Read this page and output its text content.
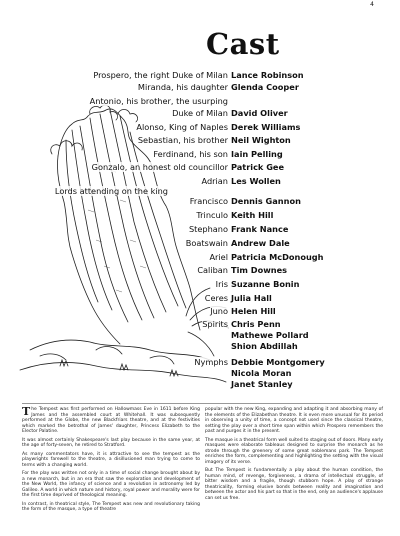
4
Cast
Prospero, the right Duke of Milan Lance Robinson
Miranda, his daughter Glenda Cooper
Antonio, his brother, the usurping
Duke of Milan David Oliver
Alonso, King of Naples Derek Williams
Sebastian, his brother Neil Wighton
Ferdinand, his son Iain Pelling
Gonzalo, an honest old councillor Patrick Gee
Adrian Les Wollen
Lords attending on the king
Francisco Dennis Gannon
Trinculo Keith Hill
Stephano Frank Nance
Boatswain Andrew Dale
Ariel Patricia McDonough
Caliban Tim Downes
Iris Suzanne Bonin
Ceres Julia Hall
Juno Helen Hill
Spirits Chris Penn
Mathewe Pollard
Shion Abdillah
Nymphs Debbie Montgomery
Nicola Moran
Janet Stanley

The Tempest was first performed on Hallowmass Eve in 1611 before King James and the assembled court at Whitehall. It was subsequently performed at the Globe, the new Blackfriars theatre, and at the festivities which marked the betrothal of James' daughter, Princess Elizabeth to the Elector Palatine.

It was almost certainly Shakespeare's last play because in the same year, at the age of forty-seven, he retired to Stratford.

As many commentators have, it is attractive to see the tempest as the playwrights farewell to the theatre, a disillusioned man trying to come to terms with a changing world.

For the play was written not only in a time of social change brought about by a new monarch, but in an era that saw the exploration and development of the New World, the infancy of science and a revolution in astronomy led by Galileo. A world in which nature and history, royal power and morality were for the first time deprived of theological meaning.

In contrast, in theatrical style, The Tempest was new and revolutionary taking the form of the masque, a type of theatre

popular with the new King, expanding and adapting it and absorbing many of the elements of the Elizabethan theatre. It is even more unusual for its period in observing a unity of time, a concept not used since the classical theatre, setting the play over a short time span within which Prospero remembers the past and purges it in the present.

The masque is a theatrical form well suited to staging out of doors. Many early masques were elaborate tableaus designed to surprise the monarch as he strode through the greenery of some great noblemans park. The Tempest enriches the form, complementing and highlighting the setting with the visual imagery of its verse.

But The Tempest is fundamentally a play about the human condition, the human mind, of revenge, forgiveness, a drama of intellectual struggle, of bitter wisdom and a fragile, though stubborn hope. A play of strange theatricality, forming elusive bonds between reality and imagination and between the actor and his part so that in the end, only an audience's applause can set us free.
